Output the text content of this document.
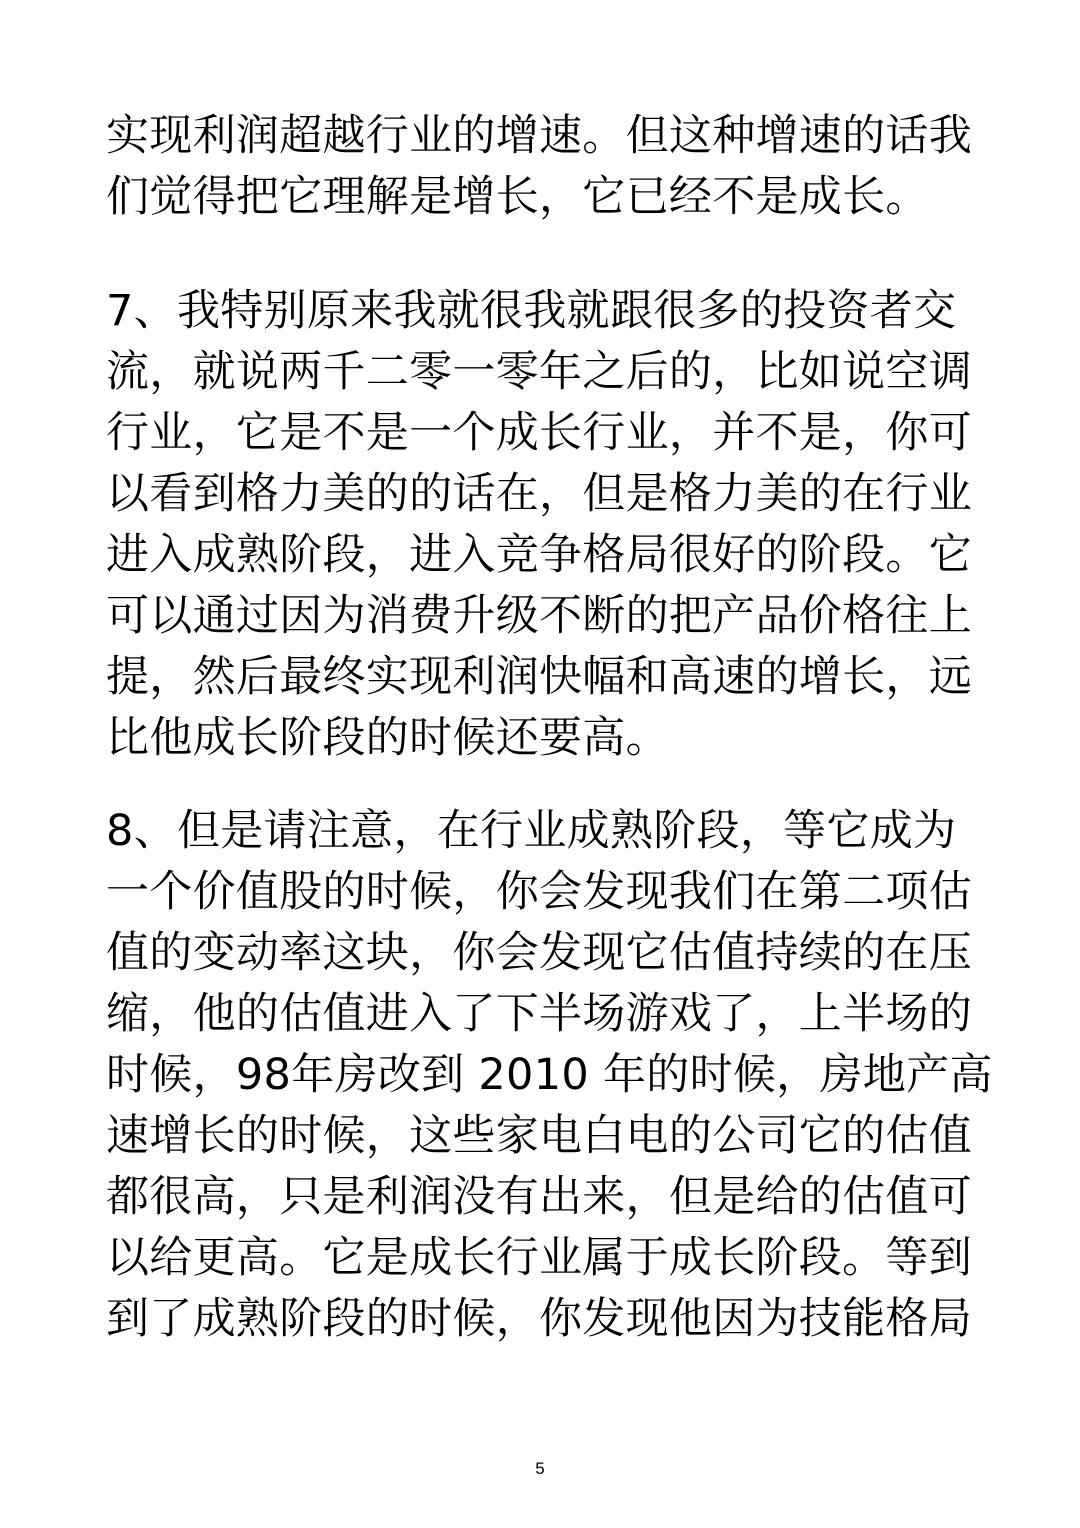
实现利润超越行业的增速。但这种增速的话我
们觉得把它理解是增长，它已经不是成长。
7、我特别原来我就很我就跟很多的投资者交
流，就说两千二零一零年之后的，比如说空调
行业，它是不是一个成长行业，并不是，你可
以看到格力美的的话在，但是格力美的在行业
进入成熟阶段，进入竞争格局很好的阶段。它
可以通过因为消费升级不断的把产品价格往上
提，然后最终实现利润快幅和高速的增长，远
比他成长阶段的时候还要高。
8、但是请注意，在行业成熟阶段，等它成为
一个价值股的时候，你会发现我们在第二项估
值的变动率这块，你会发现它估值持续的在压
缩，他的估值进入了下半场游戏了，上半场的
时候，98年房改到 2010 年的时候，房地产高
速增长的时候，这些家电白电的公司它的估值
都很高，只是利润没有出来，但是给的估值可
以给更高。它是成长行业属于成长阶段。等到
到了成熟阶段的时候，你发现他因为技能格局
5
